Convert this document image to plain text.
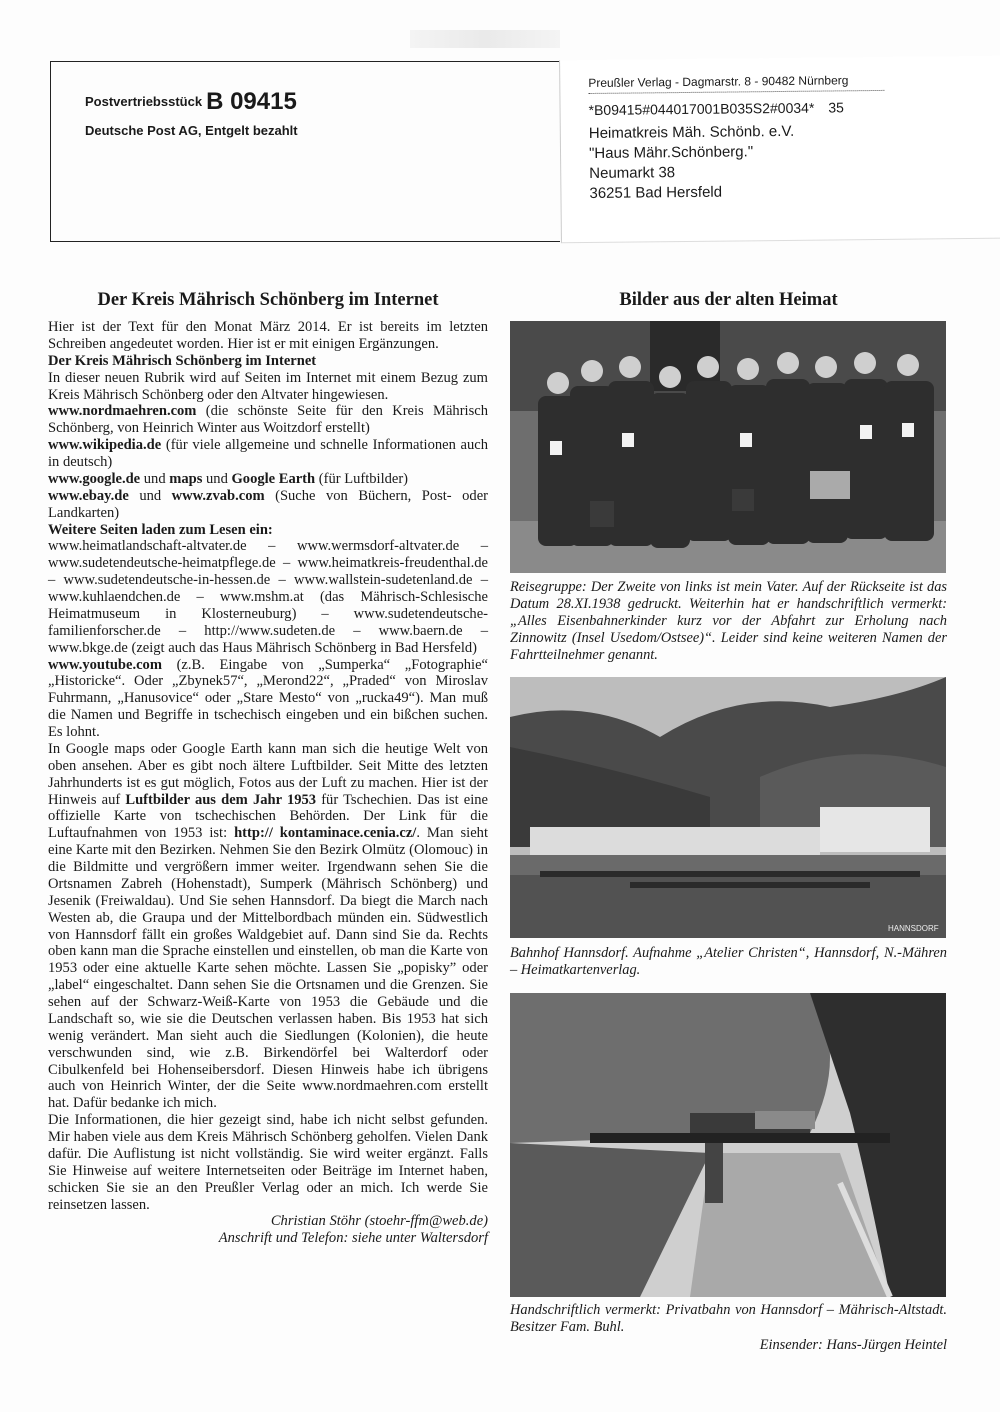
Postvertriebsstück B 09415
Deutsche Post AG, Entgelt bezahlt
Preußler Verlag - Dagmarstr. 8 - 90482 Nürnberg
*B09415#044017001B035S2#0034* 35
Heimatkreis Mäh. Schönb. e.V.
"Haus Mähr.Schönberg."
Neumarkt 38
36251 Bad Hersfeld
Der Kreis Mährisch Schönberg im Internet	Bilder aus der alten Heimat

Hier ist der Text für den Monat März 2014. Er ist bereits im letzten Schreiben angedeutet worden. Hier ist er mit einigen Ergänzungen.

Der Kreis Mährisch Schönberg im Internet

In dieser neuen Rubrik wird auf Seiten im Internet mit einem Bezug zum Kreis Mährisch Schönberg oder den Altvater hingewiesen.

www.nordmaehren.com (die schönste Seite für den Kreis Mährisch Schönberg, von Heinrich Winter aus Woitzdorf erstellt)

www.wikipedia.de (für viele allgemeine und schnelle Informationen auch in deutsch)

www.google.de und maps und Google Earth (für Luftbilder)

www.ebay.de und www.zvab.com (Suche von Büchern, Post- oder Landkarten)

Weitere Seiten laden zum Lesen ein:

www.heimatlandschaft-altvater.de – www.wermsdorf-altvater.de – www.sudetendeutsche-heimatpflege.de – www.heimatkreis-freudenthal.de – www.sudetendeutsche-in-hessen.de – www.wallstein-sudetenland.de – www.kuhlaendchen.de – www.mshm.at (das Mährisch-Schlesische Heimatmuseum in Klosterneuburg) – www.sudetendeutsche-familienforscher.de – http://www.sudeten.de – www.baern.de – www.bkge.de (zeigt auch das Haus Mährisch Schönberg in Bad Hersfeld)

www.youtube.com (z.B. Eingabe von „Sumperka“ „Fotographie“ „Historicke“. Oder „Zbynek57“, „Merond22“, „Praded“ von Miroslav Fuhrmann, „Hanusovice“ oder „Stare Mesto“ von „rucka49“). Man muß die Namen und Begriffe in tschechisch eingeben und ein bißchen suchen. Es lohnt.

In Google maps oder Google Earth kann man sich die heutige Welt von oben ansehen. Aber es gibt noch ältere Luftbilder. Seit Mitte des letzten Jahrhunderts ist es gut möglich, Fotos aus der Luft zu machen. Hier ist der Hinweis auf Luftbilder aus dem Jahr 1953 für Tschechien. Das ist eine offizielle Karte von tschechischen Behörden. Der Link für die Luftaufnahmen von 1953 ist: http:// kontaminace.cenia.cz/. Man sieht eine Karte mit den Bezirken. Nehmen Sie den Bezirk Olmütz (Olomouc) in die Bildmitte und vergrößern immer weiter. Irgendwann sehen Sie die Ortsnamen Zabreh (Hohenstadt), Sumperk (Mährisch Schönberg) und Jesenik (Freiwaldau). Und Sie sehen Hannsdorf. Da biegt die March nach Westen ab, die Graupa und der Mittelbordbach münden ein. Südwestlich von Hannsdorf fällt ein großes Waldgebiet auf. Dann sind Sie da. Rechts oben kann man die Sprache einstellen und einstellen, ob man die Karte von 1953 oder eine aktuelle Karte sehen möchte. Lassen Sie „popisky” oder „label“ eingeschaltet. Dann sehen Sie die Ortsnamen und die Grenzen. Sie sehen auf der Schwarz-Weiß-Karte von 1953 die Gebäude und die Landschaft so, wie sie die Deutschen verlassen haben. Bis 1953 hat sich wenig verändert. Man sieht auch die Siedlungen (Kolonien), die heute verschwunden sind, wie z.B. Birkendörfel bei Walterdorf oder Cibulkenfeld bei Hohenseibersdorf. Diesen Hinweis habe ich übrigens auch von Heinrich Winter, der die Seite www.nordmaehren.com erstellt hat. Dafür bedanke ich mich.

Die Informationen, die hier gezeigt sind, habe ich nicht selbst gefunden. Mir haben viele aus dem Kreis Mährisch Schönberg geholfen. Vielen Dank dafür. Die Auflistung ist nicht vollständig. Sie wird weiter ergänzt. Falls Sie Hinweise auf weitere Internetseiten oder Beiträge im Internet haben, schicken Sie sie an den Preußler Verlag oder an mich. Ich werde Sie reinsetzen lassen.

Christian Stöhr (stoehr-ffm@web.de)

Anschrift und Telefon: siehe unter Waltersdorf

Reisegruppe: Der Zweite von links ist mein Vater. Auf der Rückseite ist das Datum 28.XI.1938 gedruckt. Weiterhin hat er handschriftlich vermerkt: „Alles Eisenbahnerkinder kurz vor der Abfahrt zur Erholung nach Zinnowitz (Insel Usedom/Ostsee)“. Leider sind keine weiteren Namen der Fahrtteilnehmer genannt.
HANNSDORF
Bahnhof Hannsdorf. Aufnahme „Atelier Christen“, Hannsdorf, N.-Mähren – Heimatkartenverlag.
Handschriftlich vermerkt: Privatbahn von Hannsdorf – Mährisch-Altstadt. Besitzer Fam. Buhl.
Einsender: Hans-Jürgen Heintel
